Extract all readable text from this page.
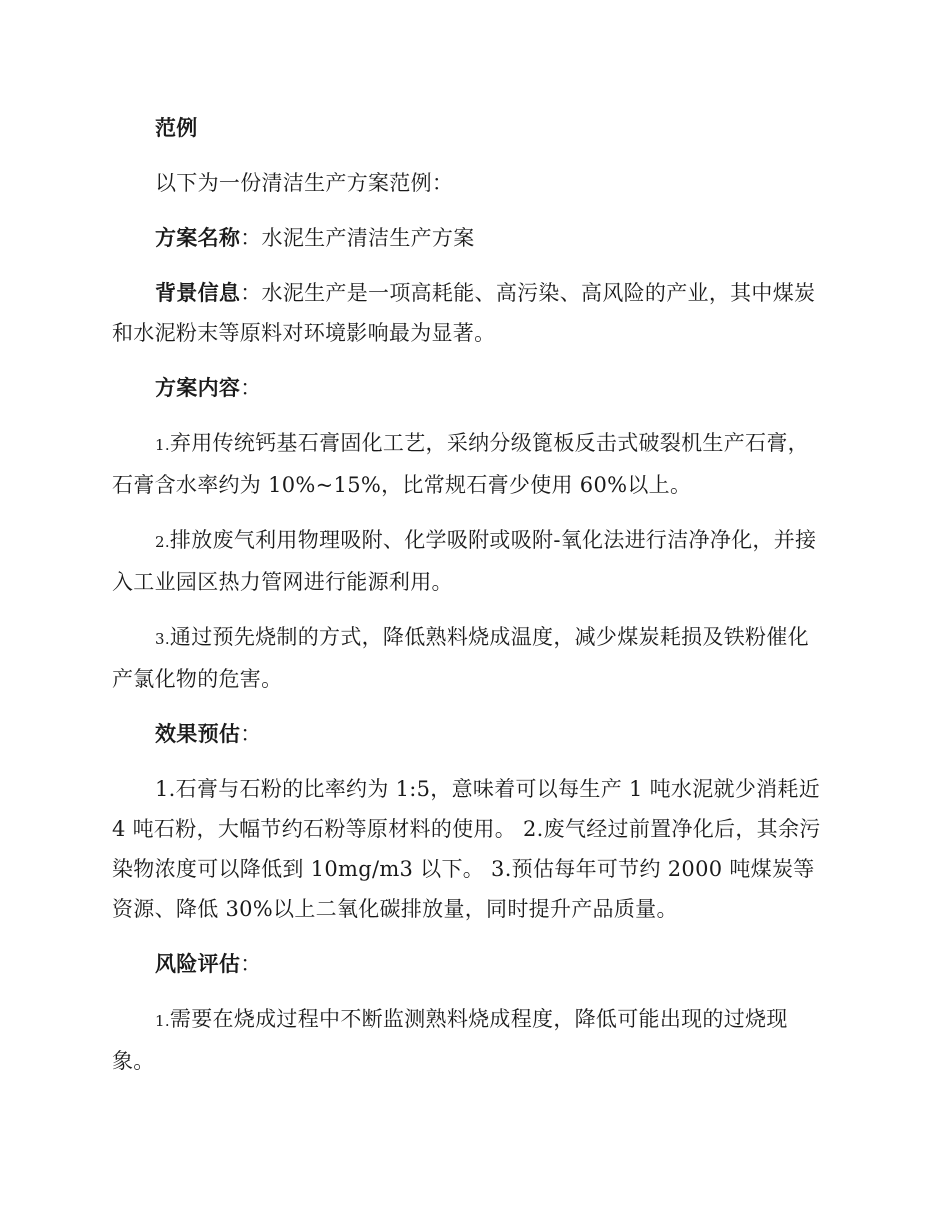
范例

以下为一份清洁生产方案范例：

方案名称：水泥生产清洁生产方案

背景信息：水泥生产是一项高耗能、高污染、高风险的产业，其中煤炭和水泥粉末等原料对环境影响最为显著。

方案内容：

1.弃用传统钙基石膏固化工艺，采纳分级篦板反击式破裂机生产石膏，石膏含水率约为 10%~15%，比常规石膏少使用 60%以上。

2.排放废气利用物理吸附、化学吸附或吸附-氧化法进行洁净净化，并接入工业园区热力管网进行能源利用。

3.通过预先烧制的方式，降低熟料烧成温度，减少煤炭耗损及铁粉催化产氯化物的危害。

效果预估：

1.石膏与石粉的比率约为 1:5，意味着可以每生产 1 吨水泥就少消耗近 4 吨石粉，大幅节约石粉等原材料的使用。 2.废气经过前置净化后，其余污染物浓度可以降低到 10mg/m3 以下。 3.预估每年可节约 2000 吨煤炭等资源、降低 30%以上二氧化碳排放量，同时提升产品质量。

风险评估：

1.需要在烧成过程中不断监测熟料烧成程度，降低可能出现的过烧现象。
